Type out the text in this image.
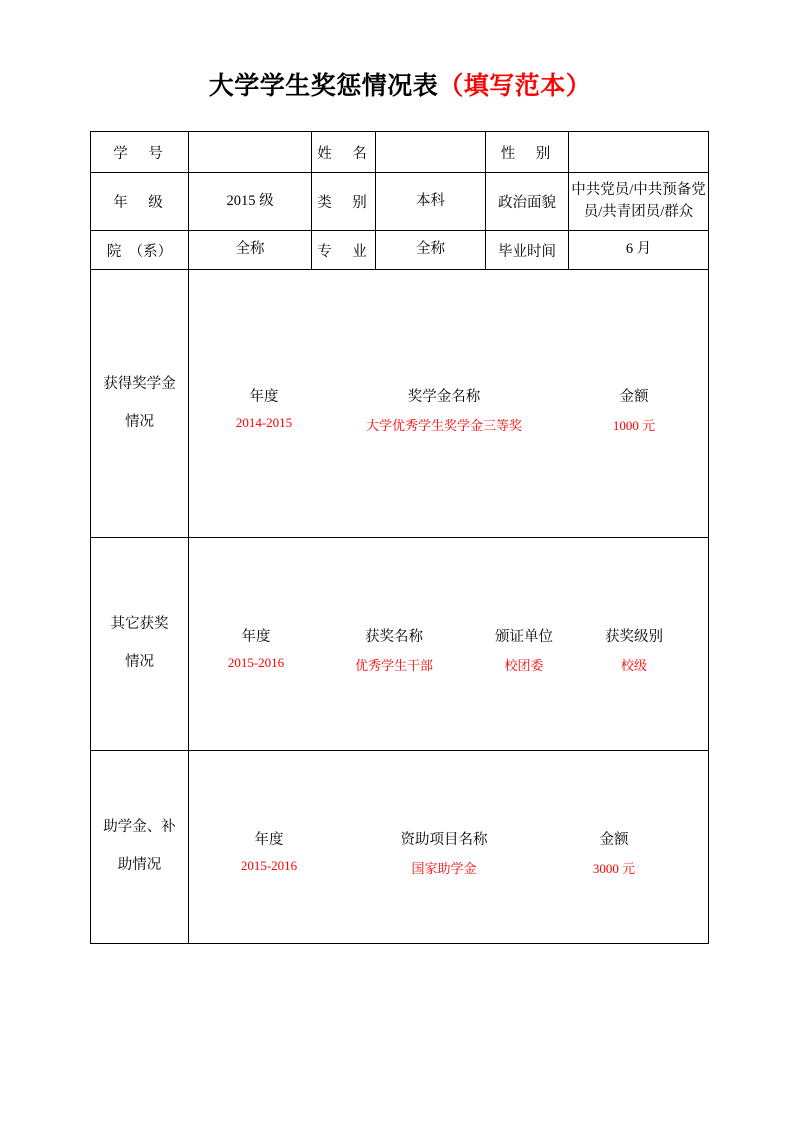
大学学生奖惩情况表（填写范本）
学　号		姓　名		性　别	
年　级	2015 级	类　别	本科	政治面貌	中共党员/中共预备党员/共青团员/群众
院　（系）	全称	专　业	全称	毕业时间	6 月

获得奖学金
情况

年度	奖学金名称	金额
2014-2015	大学优秀学生奖学金三等奖	1000 元

其它获奖
情况

年度	获奖名称	颁证单位	获奖级别
2015-2016	优秀学生干部	校团委	校级

助学金、补
助情况

年度	资助项目名称	金额
2015-2016	国家助学金	3000 元
